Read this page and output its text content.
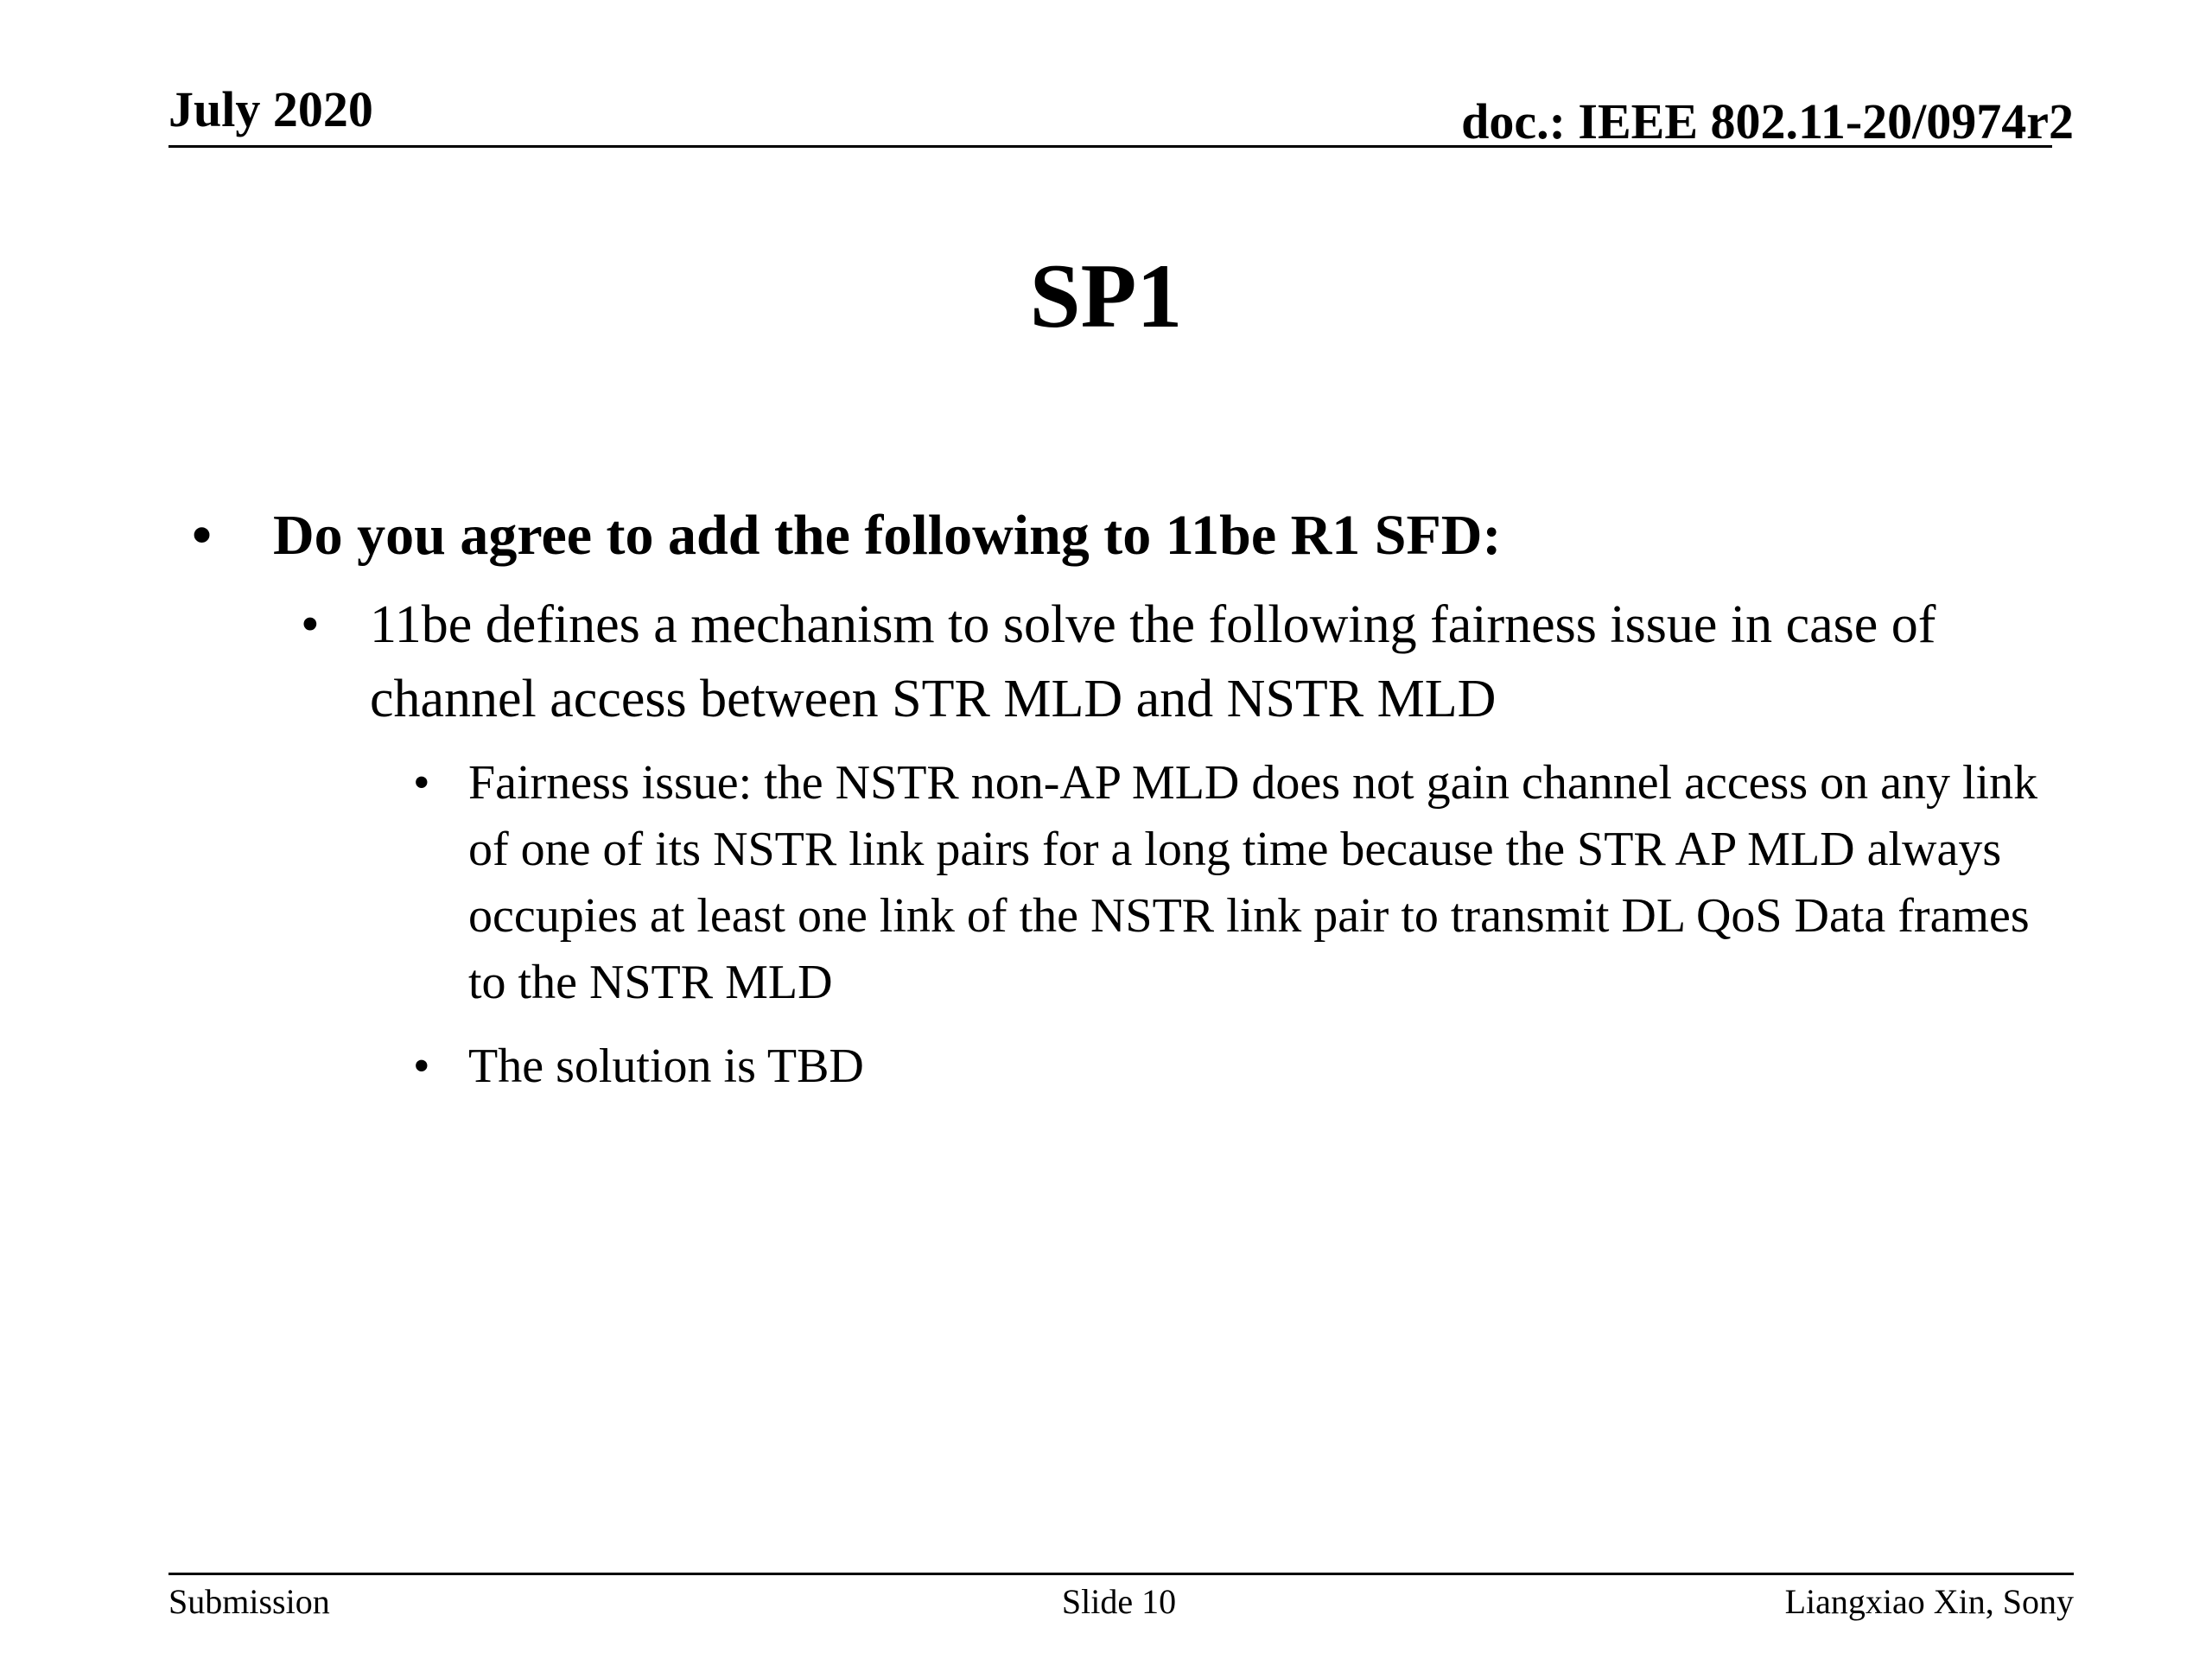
July 2020	doc.: IEEE 802.11-20/0974r2
SP1
• Do you agree to add the following to 11be R1 SFD:
• 11be defines a mechanism to solve the following fairness issue in case of channel access between STR MLD and NSTR MLD
• Fairness issue: the NSTR non-AP MLD does not gain channel access on any link of one of its NSTR link pairs for a long time because the STR AP MLD always occupies at least one link of the NSTR link pair to transmit DL QoS Data frames to the NSTR MLD
• The solution is TBD
Submission	Slide 10	Liangxiao Xin, Sony
